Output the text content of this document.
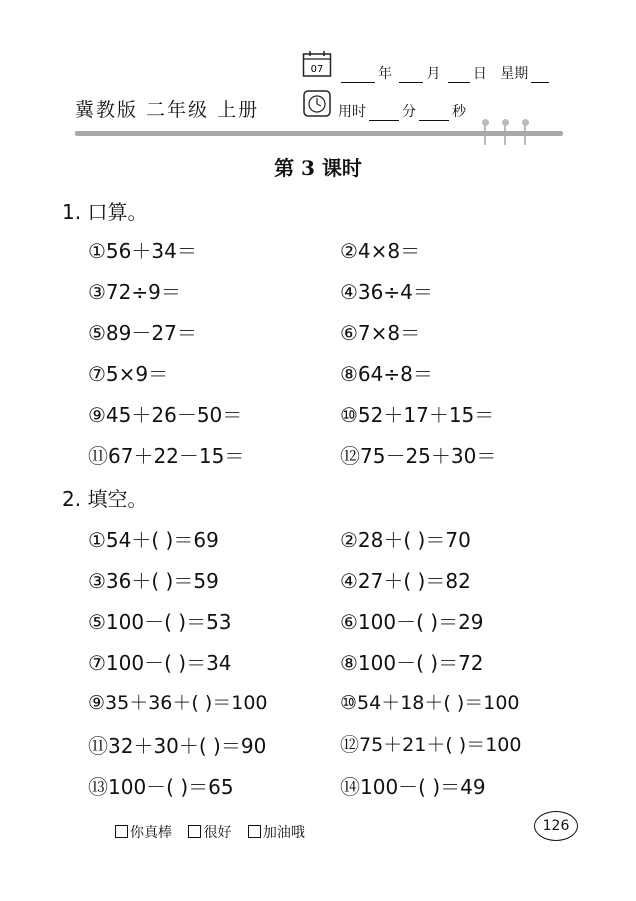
冀教版 二年级 上册
07	年 月 日 星期
用时	分	秒
第 3 课时
1. 口算。
①56＋34＝	②4×8＝
③72÷9＝	④36÷4＝
⑤89－27＝	⑥7×8＝
⑦5×9＝	⑧64÷8＝
⑨45＋26－50＝	⑩52＋17＋15＝
⑪67＋22－15＝	⑫75－25＋30＝
2. 填空。
①54＋( )＝69	②28＋( )＝70
③36＋( )＝59	④27＋( )＝82
⑤100－( )＝53	⑥100－( )＝29
⑦100－( )＝34	⑧100－( )＝72
⑨35＋36＋( )＝100	⑩54＋18＋( )＝100
⑪32＋30＋( )＝90	⑫75＋21＋( )＝100
⑬100－( )＝65	⑭100－( )＝49
你真棒 很好 加油哦	126
